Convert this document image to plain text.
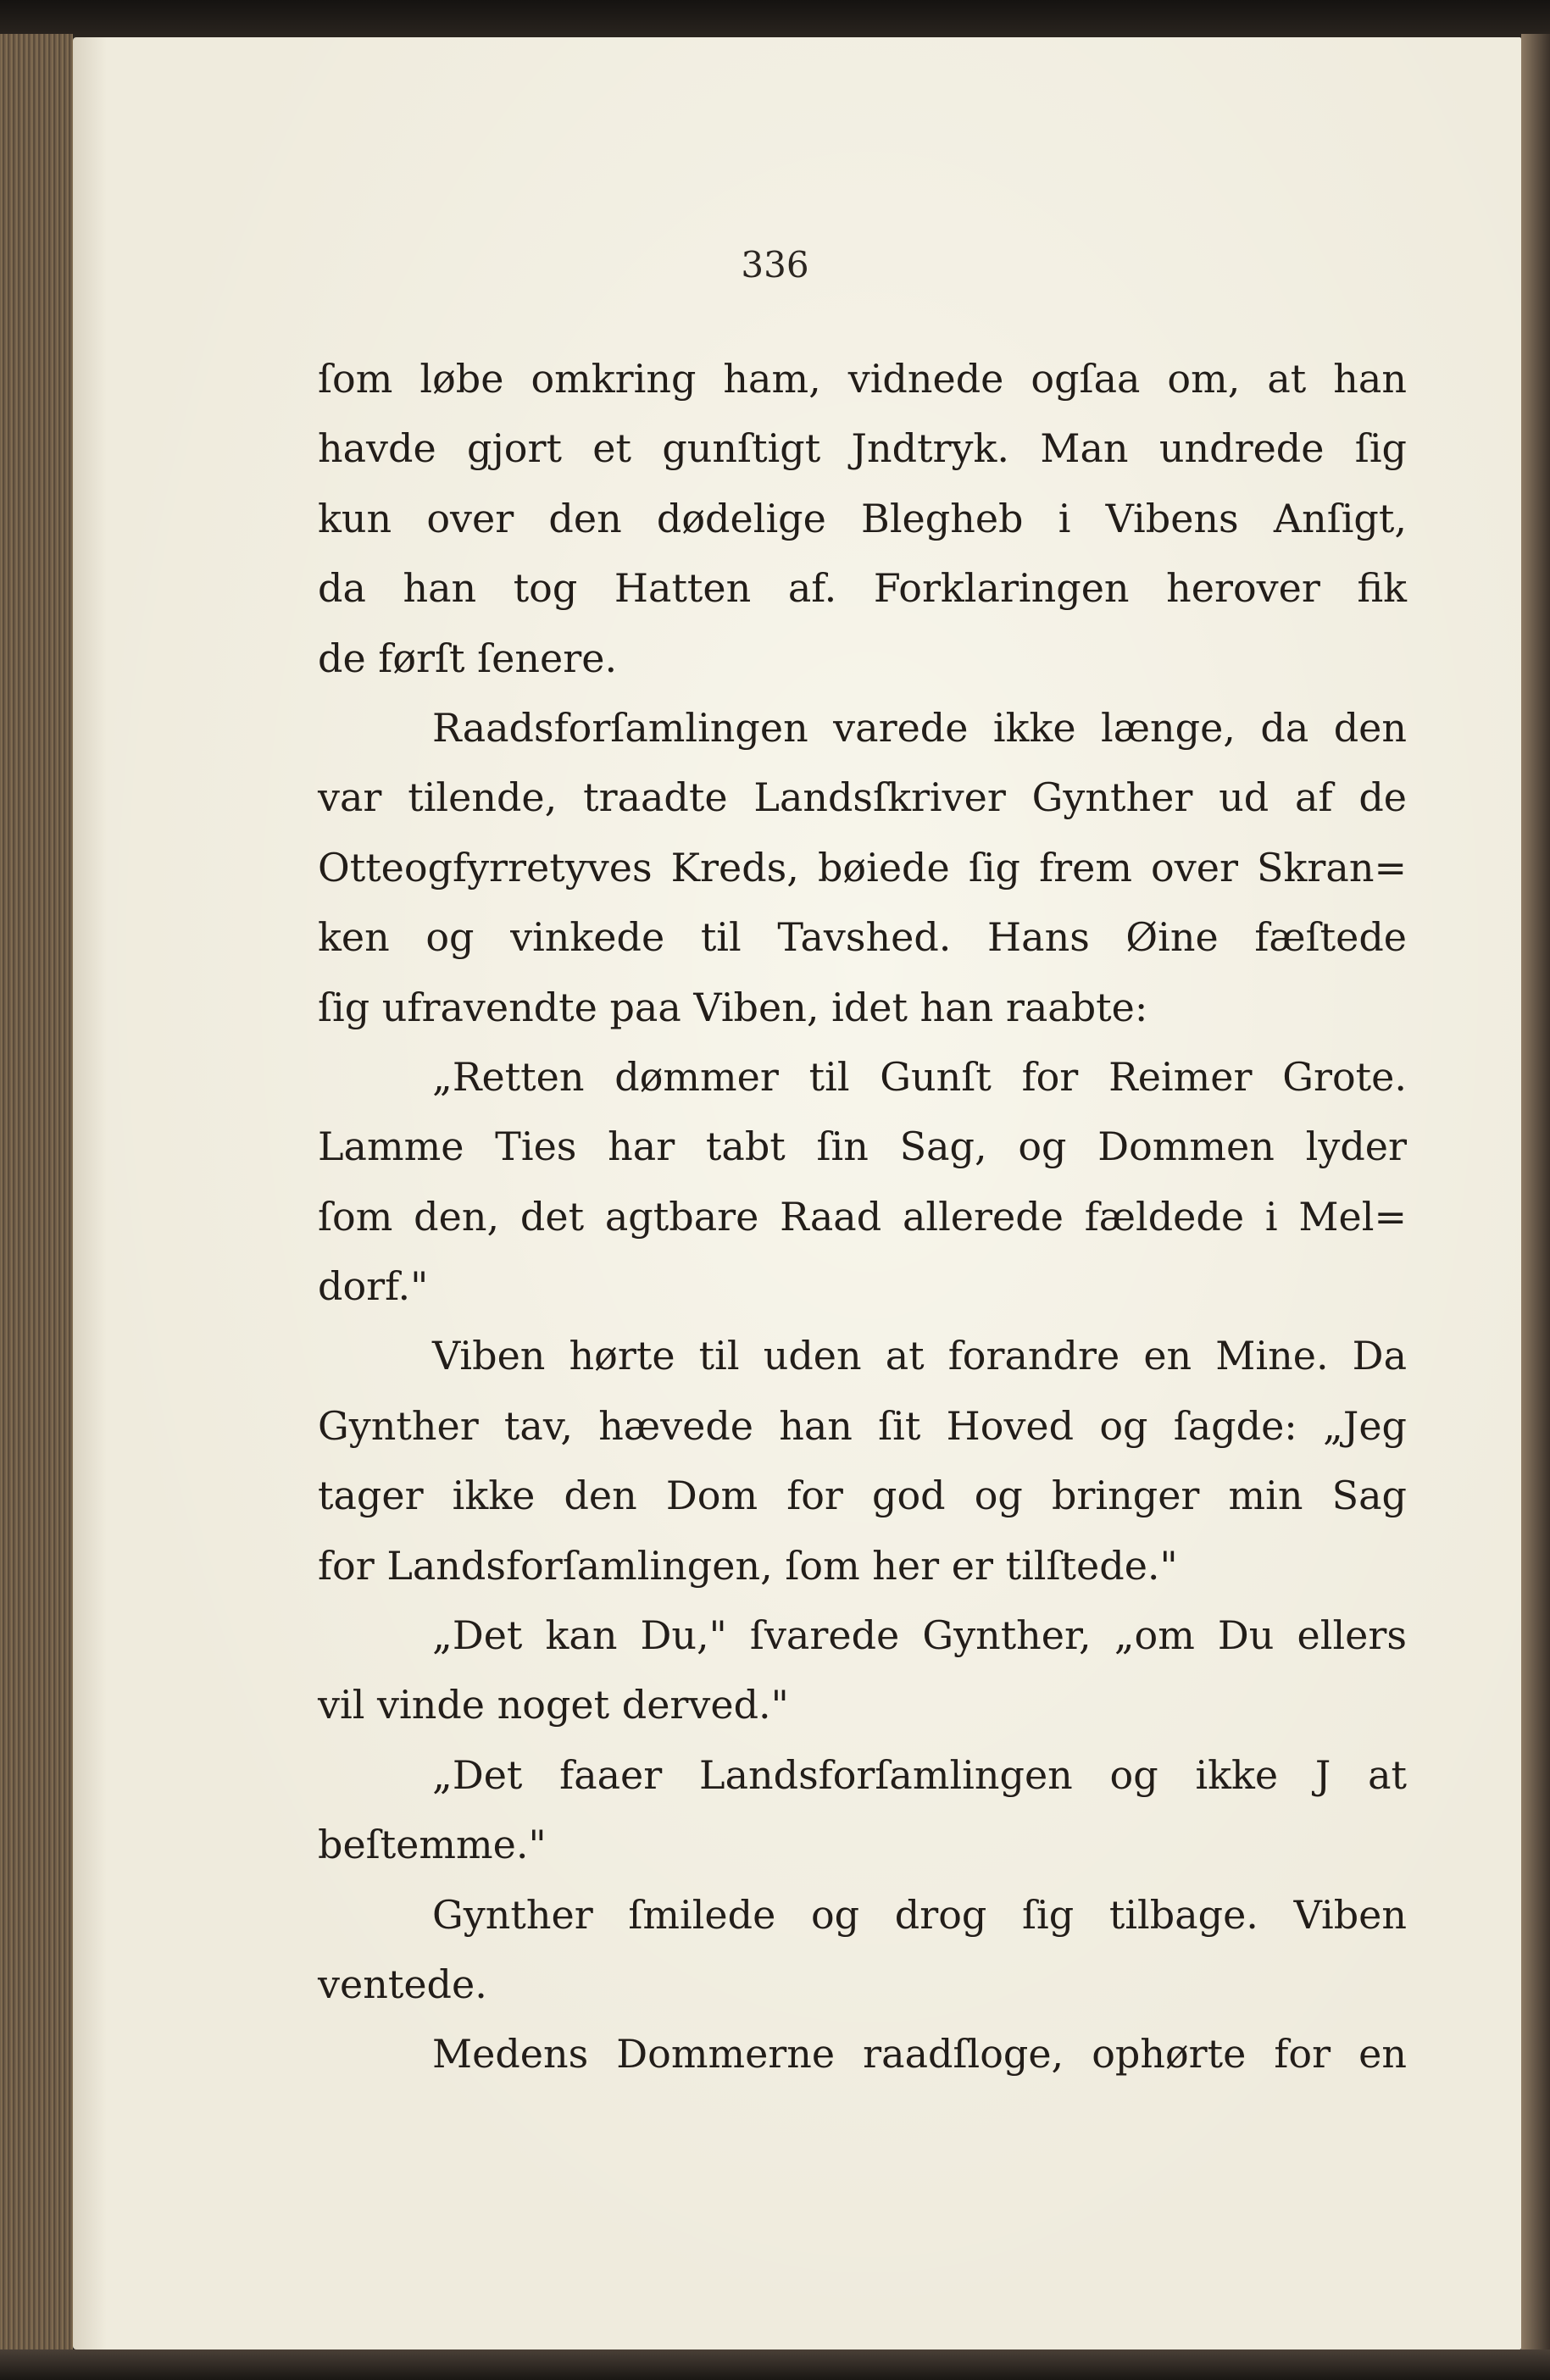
336
ſom løbe omkring ham, vidnede ogſaa om, at han
havde gjort et gunſtigt Jndtryk. Man undrede ſig
kun over den dødelige Blegheb i Vibens Anſigt,
da han tog Hatten af. Forklaringen herover fik
de førſt ſenere.
Raadsforſamlingen varede ikke længe, da den
var tilende, traadte Landsſkriver Gynther ud af de
Otteogfyrretyves Kreds, bøiede ſig frem over Skran=
ken og vinkede til Tavshed. Hans Øine fæſtede
ſig ufravendte paa Viben, idet han raabte:
„Retten dømmer til Gunſt for Reimer Grote.
Lamme Ties har tabt ſin Sag, og Dommen lyder
ſom den, det agtbare Raad allerede fældede i Mel=
dorf."
Viben hørte til uden at forandre en Mine. Da
Gynther tav, hævede han ſit Hoved og ſagde: „Jeg
tager ikke den Dom for god og bringer min Sag
for Landsforſamlingen, ſom her er tilſtede."
„Det kan Du," ſvarede Gynther, „om Du ellers
vil vinde noget derved."
„Det faaer Landsforſamlingen og ikke J at
beſtemme."
Gynther ſmilede og drog ſig tilbage. Viben
ventede.
Medens Dommerne raadſloge, ophørte for en
